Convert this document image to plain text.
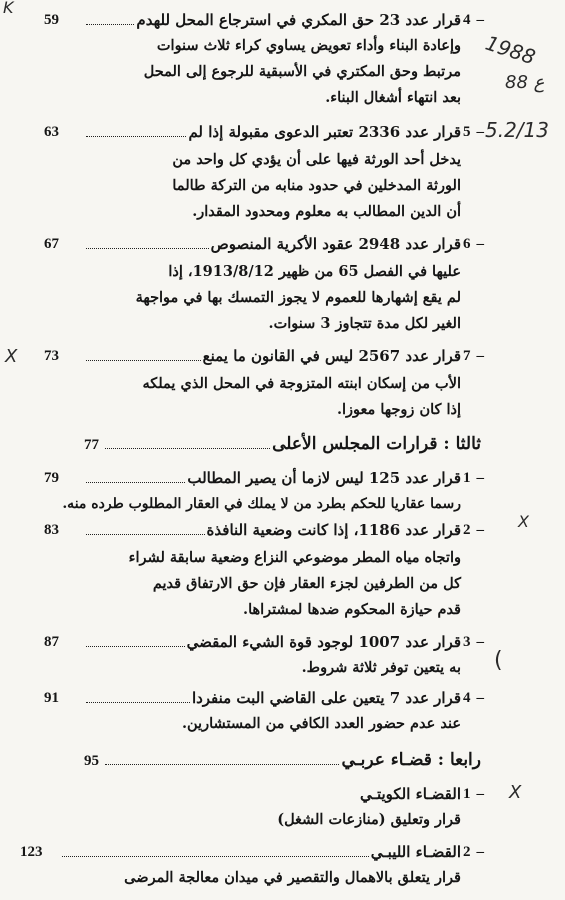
K
1988
88 ع
5.2/13
X
X
X
(
59	قرار عدد 23 حق المكري في استرجاع المحل للهدم 4 –
وإعادة البناء وأداء تعويض يساوي كراء ثلاث سنوات
مرتبط وحق المكتري في الأسبقية للرجوع إلى المحل
بعد انتهاء أشغال البناء.
63	قرار عدد 2336 تعتبر الدعوى مقبولة إذا لم 5 –
يدخل أحد الورثة فيها على أن يؤدي كل واحد من
الورثة المدخلين في حدود منابه من التركة طالما
أن الدين المطالب به معلوم ومحدود المقدار.
67	قرار عدد 2948 عقود الأكرية المنصوص 6 –
عليها في الفصل 65 من ظهير 1913/8/12، إذا
لم يقع إشهارها للعموم لا يجوز التمسك بها في مواجهة
الغير لكل مدة تتجاوز 3 سنوات.
73	قرار عدد 2567 ليس في القانون ما يمنع 7 –
الأب من إسكان ابنته المتزوجة في المحل الذي يملكه
إذا كان زوجها معوزا.
77	ثالثا : قرارات المجلس الأعلى
79	قرار عدد 125 ليس لازما أن يصير المطالب 1 –
رسما عقاريا للحكم بطرد من لا يملك في العقار المطلوب طرده منه.
83	قرار عدد 1186، إذا كانت وضعية النافذة 2 –
واتجاه مياه المطر موضوعي النزاع وضعية سابقة لشراء
كل من الطرفين لجزء العقار فإن حق الارتفاق قديم
قدم حيازة المحكوم ضدها لمشتراها.
87	قرار عدد 1007 لوجود قوة الشيء المقضي 3 –
به يتعين توفر ثلاثة شروط.
91	قرار عدد 7 يتعين على القاضي البت منفردا 4 –
عند عدم حضور العدد الكافي من المستشارين.
95	رابعا : قضـاء عربـي
القضـاء الكويتـي 1 –
قرار وتعليق (منازعات الشغل)
123	القضـاء الليبـي 2 –
قرار يتعلق بالاهمال والتقصير في ميدان معالجة المرضى
